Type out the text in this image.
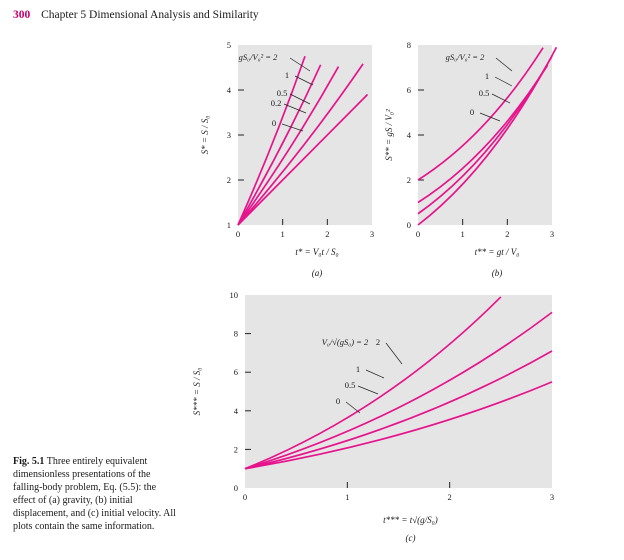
300 Chapter 5 Dimensional Analysis and Similarity
1
2
3
4
5
0	1	2	3
1
0.5
0.2
0
gS₀/V₀² = 2
t* = V₀t / S₀
S* = S / S₀
(a)
0
2
4
6
8
0	1	2	3
1
0.5
0
gS₀/V₀² = 2
t** = gt / V₀
S** = gS / V₀²
(b)
0
2
4
6
8
10
0	1	2	3
2
1
0.5
0
V₀/√(gS₀) = 2
t*** = t√(g/S₀)
S*** = S / S₀
(c)
Fig. 5.1 Three entirely equivalent dimensionless presentations of the falling-body problem, Eq. (5.5): the effect of (a) gravity, (b) initial displacement, and (c) initial velocity. All plots contain the same information.
